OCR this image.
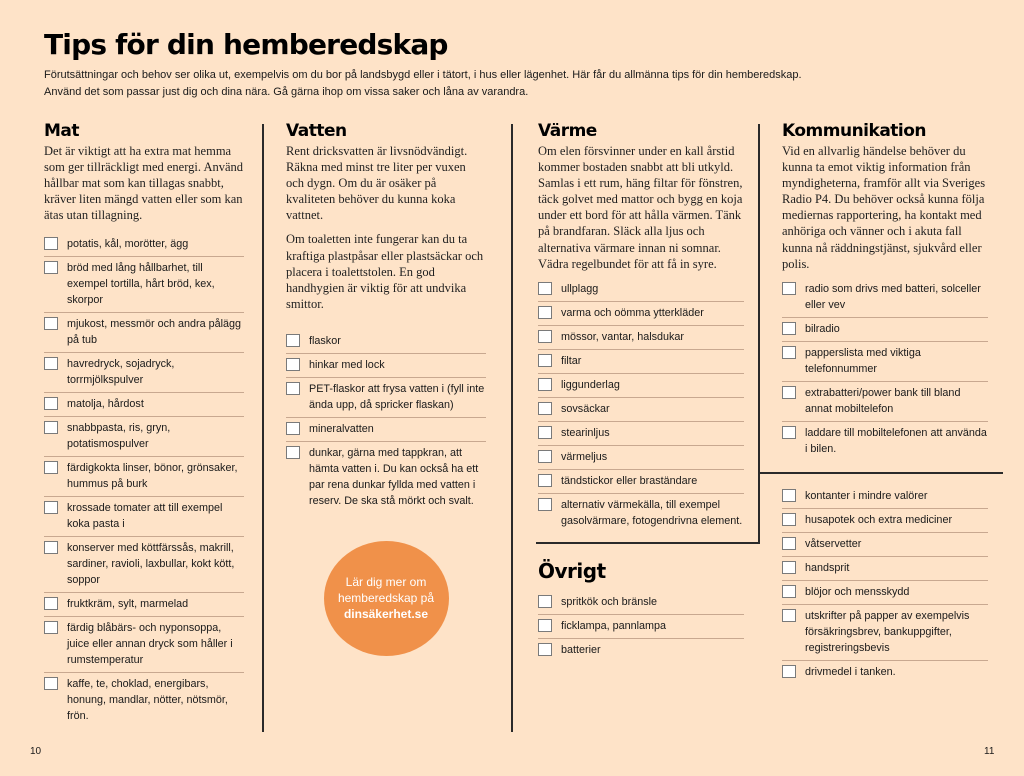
Tips för din hemberedskap

Förutsättningar och behov ser olika ut, exempelvis om du bor på landsbygd eller i tätort, i hus eller lägenhet. Här får du allmänna tips för din hemberedskap.

Använd det som passar just dig och dina nära. Gå gärna ihop om vissa saker och låna av varandra.

Mat

Det är viktigt att ha extra mat hemma som ger tillräckligt med energi. Använd hållbar mat som kan tillagas snabbt, kräver liten mängd vatten eller som kan ätas utan tillagning.

potatis, kål, morötter, ägg
bröd med lång hållbarhet, till exempel tortilla, hårt bröd, kex, skorpor
mjukost, messmör och andra pålägg på tub
havredryck, sojadryck, torrmjölkspulver
matolja, hårdost
snabbpasta, ris, gryn, potatismospulver
färdigkokta linser, bönor, grönsaker, hummus på burk
krossade tomater att till exempel koka pasta i
konserver med köttfärssås, makrill, sardiner, ravioli, laxbullar, kokt kött, soppor
fruktkräm, sylt, marmelad
färdig blåbärs- och nyponsoppa, juice eller annan dryck som håller i rumstemperatur
kaffe, te, choklad, energibars, honung, mandlar, nötter, nötsmör, frön.
Vatten

Rent dricksvatten är livsnödvändigt. Räkna med minst tre liter per vuxen och dygn. Om du är osäker på kvaliteten behöver du kunna koka vattnet.

Om toaletten inte fungerar kan du ta kraftiga plastpåsar eller plastsäckar och placera i toalettstolen. En god handhygien är viktig för att undvika smittor.

flaskor
hinkar med lock
PET-flaskor att frysa vatten i (fyll inte ända upp, då spricker flaskan)
mineralvatten
dunkar, gärna med tappkran, att hämta vatten i. Du kan också ha ett par rena dunkar fyllda med vatten i reserv. De ska stå mörkt och svalt.
Lär dig mer om
hemberedskap på
dinsäkerhet.se
Värme

Om elen försvinner under en kall årstid kommer bostaden snabbt att bli utkyld. Samlas i ett rum, häng filtar för fönstren, täck golvet med mattor och bygg en koja under ett bord för att hålla värmen. Tänk på brandfaran. Släck alla ljus och alternativa värmare innan ni somnar. Vädra regelbundet för att få in syre.

ullplagg
varma och oömma ytterkläder
mössor, vantar, halsdukar
filtar
liggunderlag
sovsäckar
stearinljus
värmeljus
tändstickor eller braständare
alternativ värmekälla, till exempel gasolvärmare, fotogendrivna element.
Övrigt
spritkök och bränsle
ficklampa, pannlampa
batterier
Kommunikation

Vid en allvarlig händelse behöver du kunna ta emot viktig information från myndigheterna, framför allt via Sveriges Radio P4. Du behöver också kunna följa mediernas rapportering, ha kontakt med anhöriga och vänner och i akuta fall kunna nå räddningstjänst, sjukvård eller polis.

radio som drivs med batteri, solceller eller vev
bilradio
papperslista med viktiga telefonnummer
extrabatteri/power bank till bland annat mobiltelefon
laddare till mobiltelefonen att använda i bilen.
kontanter i mindre valörer
husapotek och extra mediciner
våtservetter
handsprit
blöjor och mensskydd
utskrifter på papper av exempelvis försäkringsbrev, bankuppgifter, registreringsbevis
drivmedel i tanken.
10	11
